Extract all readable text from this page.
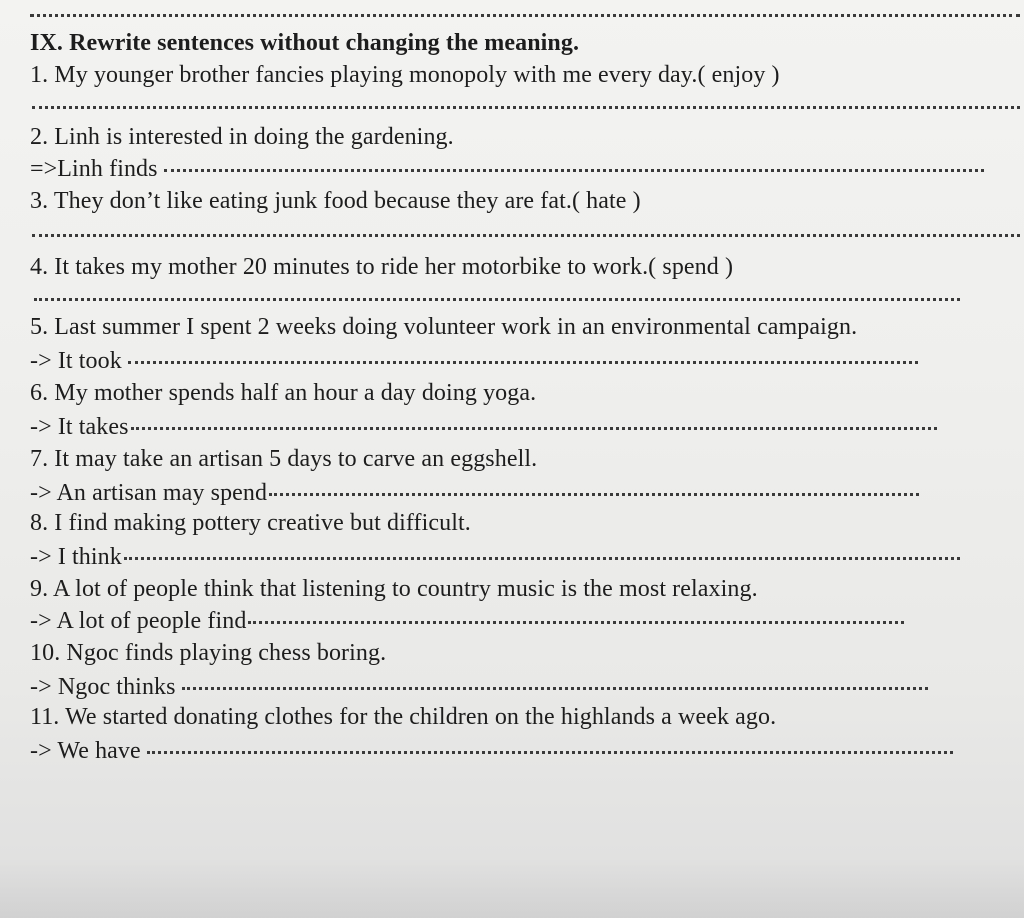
IX. Rewrite sentences without changing the meaning.
1. My younger brother fancies playing monopoly with me every day.( enjoy )
2. Linh is interested in doing the gardening.
=>Linh finds
3. They don’t like eating junk food because they are fat.( hate )
4. It takes my mother 20 minutes to ride her motorbike to work.( spend )
5. Last summer I spent 2 weeks doing volunteer work in an environmental campaign.
-> It took
6. My mother spends half an hour a day doing yoga.
-> It takes
7. It may take an artisan 5 days to carve an eggshell.
-> An artisan may spend
8. I find making pottery creative but difficult.
-> I think
9. A lot of people think that listening to country music is the most relaxing.
-> A lot of people find
10. Ngoc finds playing chess boring.
-> Ngoc thinks
11. We started donating clothes for the children on the highlands a week ago.
-> We have
